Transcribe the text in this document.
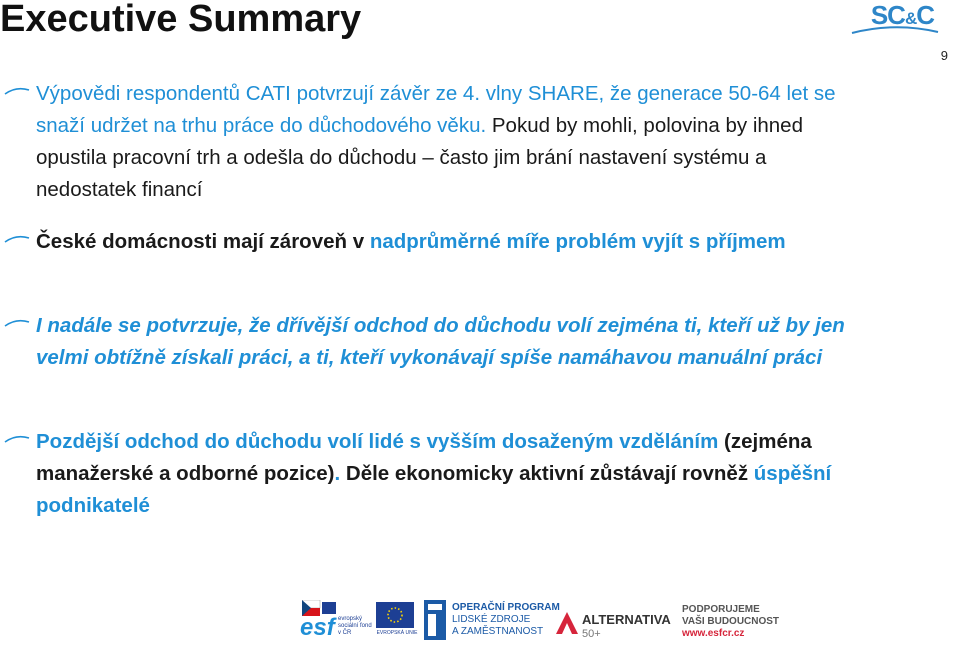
Executive Summary	SC&C
9
Výpovědi respondentů CATI potvrzují závěr ze 4. vlny SHARE, že generace 50-64 let se snaží udržet na trhu práce do důchodového věku. Pokud by mohli, polovina by ihned opustila pracovní trh a odešla do důchodu – často jim brání nastavení systému a nedostatek financí
České domácnosti mají zároveň v nadprůměrné míře problém vyjít s příjmem
I nadále se potvrzuje, že dřívější odchod do důchodu volí zejména ti, kteří už by jen velmi obtížně získali práci, a ti, kteří vykonávají spíše namáhavou manuální práci
Pozdější odchod do důchodu volí lidé s vyšším dosaženým vzděláním (zejména manažerské a odborné pozice). Děle ekonomicky aktivní zůstávají rovněž úspěšní podnikatelé
esf evropský sociální fond v ČR	EVROPSKÁ UNIE
OPERAČNÍ PROGRAM
LIDSKÉ ZDROJE
A ZAMĚSTNANOST
ALTERNATIVA
50+
PODPORUJEME
VAŠI BUDOUCNOST
www.esfcr.cz
